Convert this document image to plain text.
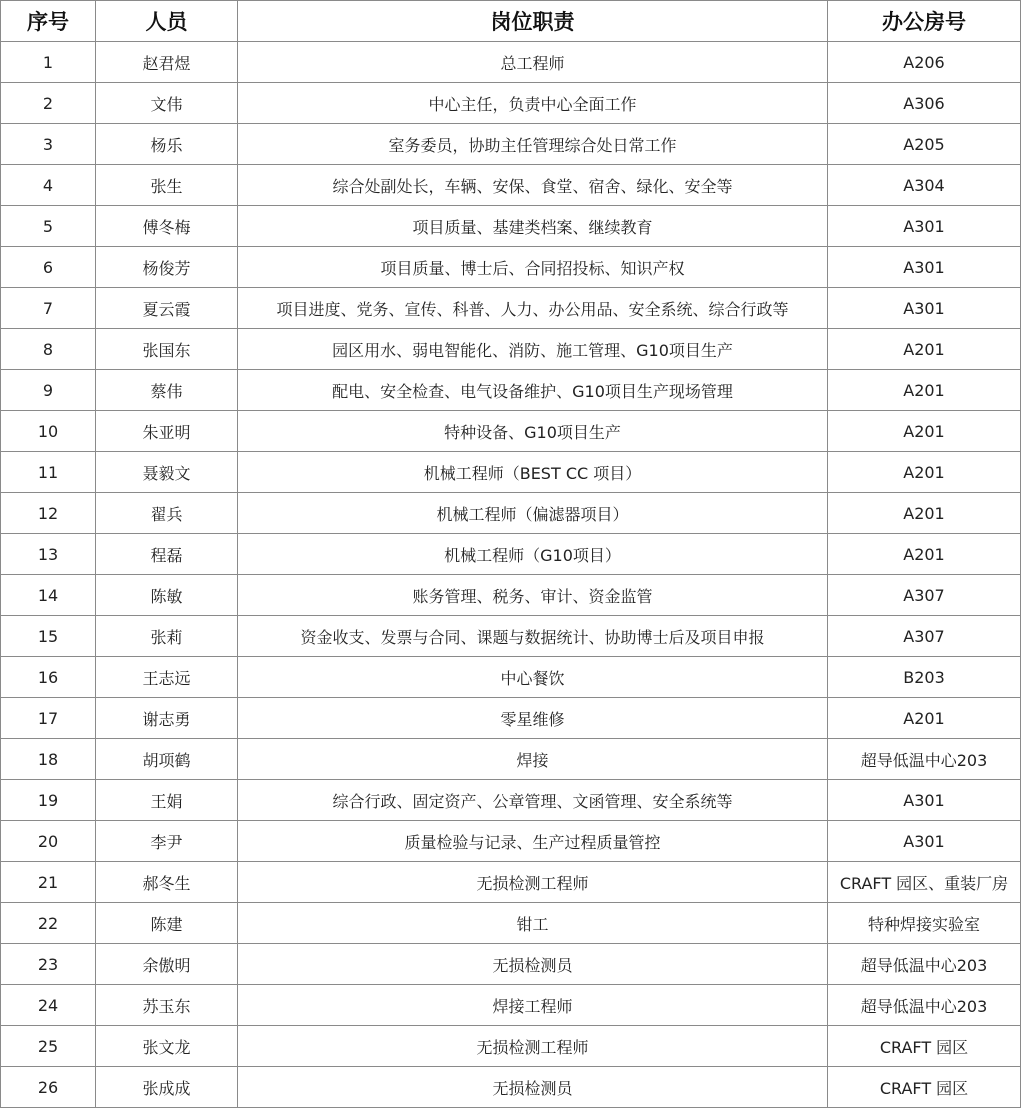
序号	人员	岗位职责	办公房号
1	赵君煜	总工程师	A206
2	文伟	中心主任，负责中心全面工作	A306
3	杨乐	室务委员，协助主任管理综合处日常工作	A205
4	张生	综合处副处长，车辆、安保、食堂、宿舍、绿化、安全等	A304
5	傅冬梅	项目质量、基建类档案、继续教育	A301
6	杨俊芳	项目质量、博士后、合同招投标、知识产权	A301
7	夏云霞	项目进度、党务、宣传、科普、人力、办公用品、安全系统、综合行政等	A301
8	张国东	园区用水、弱电智能化、消防、施工管理、G10项目生产	A201
9	蔡伟	配电、安全检查、电气设备维护、G10项目生产现场管理	A201
10	朱亚明	特种设备、G10项目生产	A201
11	聂毅文	机械工程师（BEST CC 项目）	A201
12	翟兵	机械工程师（偏滤器项目）	A201
13	程磊	机械工程师（G10项目）	A201
14	陈敏	账务管理、税务、审计、资金监管	A307
15	张莉	资金收支、发票与合同、课题与数据统计、协助博士后及项目申报	A307
16	王志远	中心餐饮	B203
17	谢志勇	零星维修	A201
18	胡项鹤	焊接	超导低温中心203
19	王娟	综合行政、固定资产、公章管理、文函管理、安全系统等	A301
20	李尹	质量检验与记录、生产过程质量管控	A301
21	郝冬生	无损检测工程师	CRAFT 园区、重装厂房
22	陈建	钳工	特种焊接实验室
23	余傲明	无损检测员	超导低温中心203
24	苏玉东	焊接工程师	超导低温中心203
25	张文龙	无损检测工程师	CRAFT 园区
26	张成成	无损检测员	CRAFT 园区
